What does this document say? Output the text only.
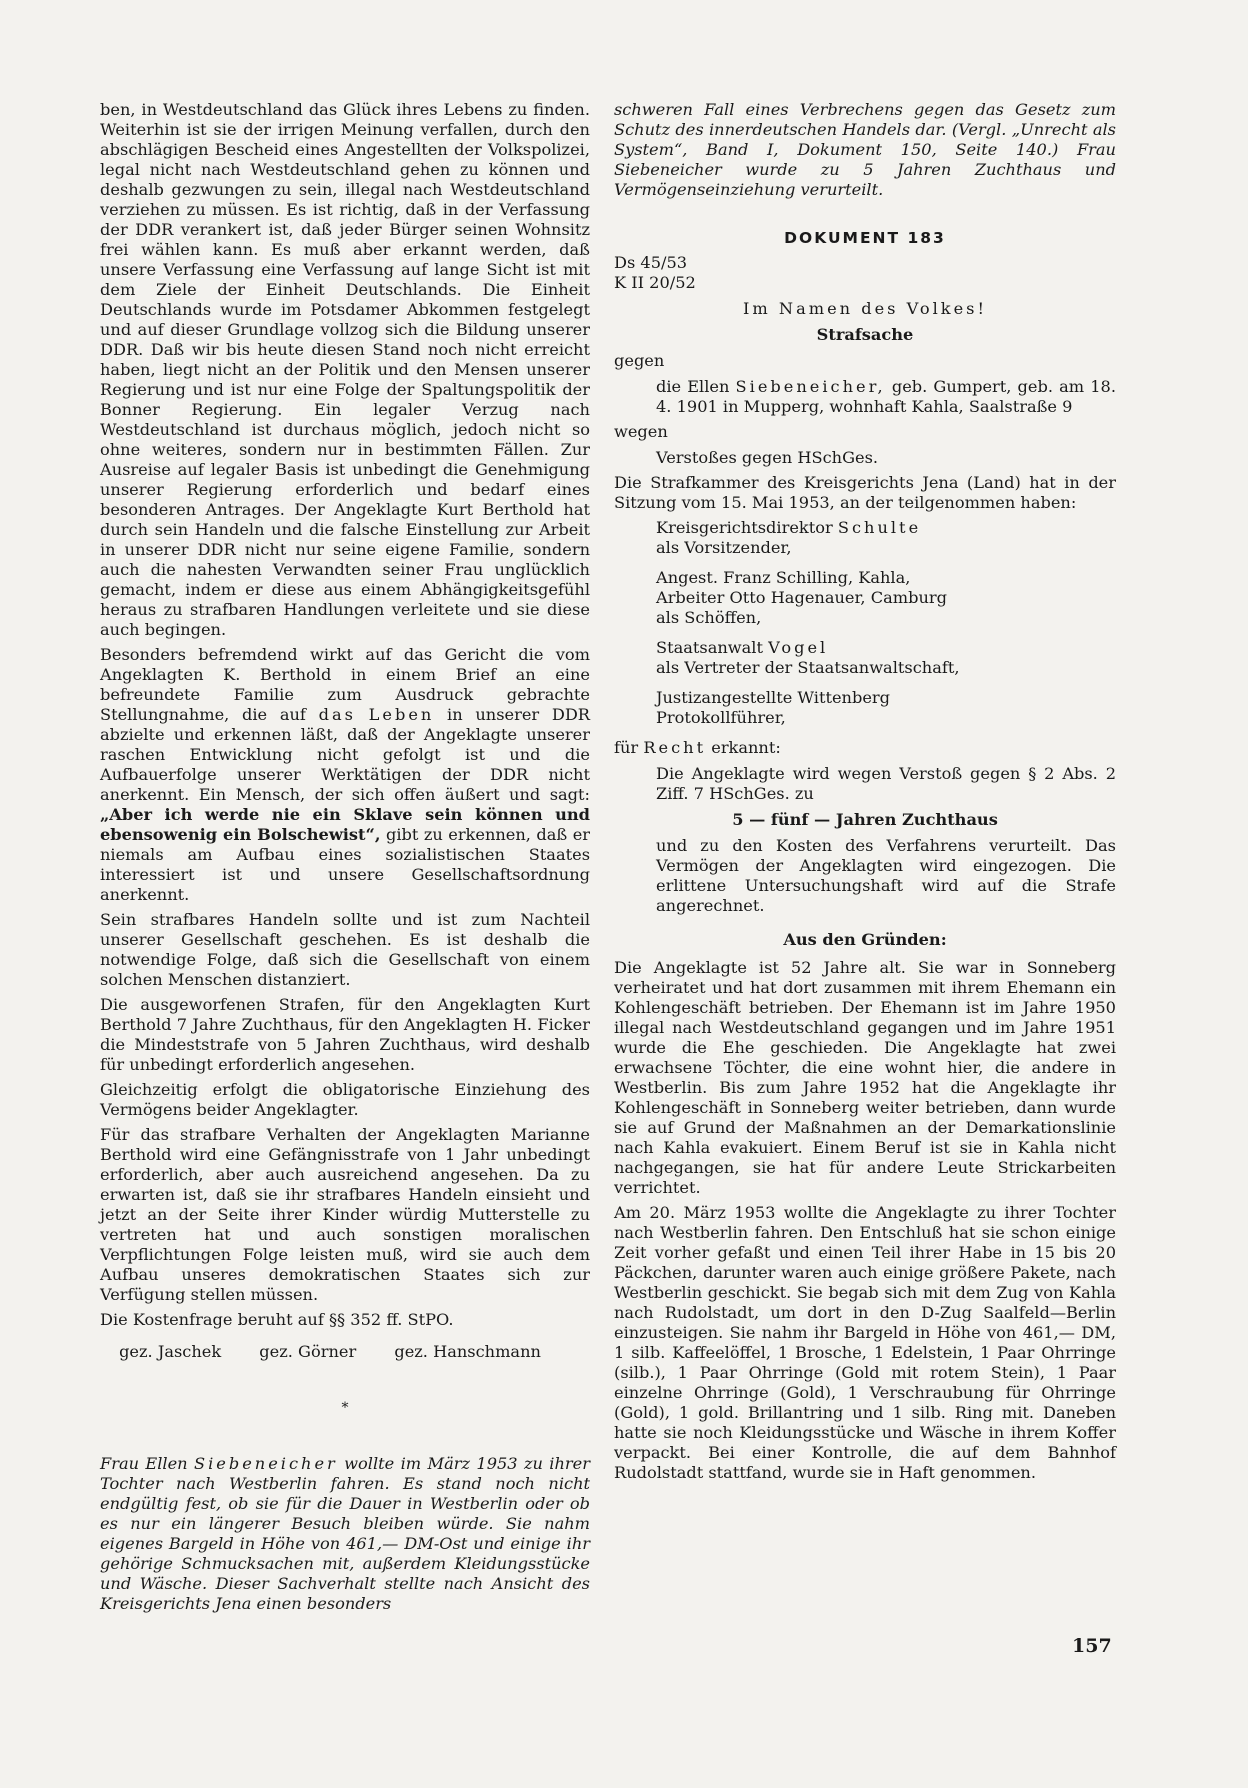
ben, in Westdeutschland das Glück ihres Lebens zu finden. Weiterhin ist sie der irrigen Meinung verfallen, durch den abschlägigen Bescheid eines Angestellten der Volkspolizei, legal nicht nach Westdeutschland gehen zu können und deshalb gezwungen zu sein, illegal nach Westdeutschland verziehen zu müssen. Es ist richtig, daß in der Verfassung der DDR verankert ist, daß jeder Bürger seinen Wohnsitz frei wählen kann. Es muß aber erkannt werden, daß unsere Verfassung eine Verfassung auf lange Sicht ist mit dem Ziele der Einheit Deutschlands. Die Einheit Deutschlands wurde im Potsdamer Abkommen festgelegt und auf dieser Grundlage vollzog sich die Bildung unserer DDR. Daß wir bis heute diesen Stand noch nicht erreicht haben, liegt nicht an der Politik und den Mensen unserer Regierung und ist nur eine Folge der Spaltungspolitik der Bonner Regierung. Ein legaler Verzug nach Westdeutschland ist durchaus möglich, jedoch nicht so ohne weiteres, sondern nur in bestimmten Fällen. Zur Ausreise auf legaler Basis ist unbedingt die Genehmigung unserer Regierung erforderlich und bedarf eines besonderen Antrages. Der Angeklagte Kurt Berthold hat durch sein Handeln und die falsche Einstellung zur Arbeit in unserer DDR nicht nur seine eigene Familie, sondern auch die nahesten Verwandten seiner Frau unglücklich gemacht, indem er diese aus einem Abhängigkeitsgefühl heraus zu strafbaren Handlungen verleitete und sie diese auch begingen.

Besonders befremdend wirkt auf das Gericht die vom Angeklagten K. Berthold in einem Brief an eine befreundete Familie zum Ausdruck gebrachte Stellungnahme, die auf das Leben in unserer DDR abzielte und erkennen läßt, daß der Angeklagte unserer raschen Entwicklung nicht gefolgt ist und die Aufbauerfolge unserer Werktätigen der DDR nicht anerkennt. Ein Mensch, der sich offen äußert und sagt: „Aber ich werde nie ein Sklave sein können und ebensowenig ein Bolschewist“, gibt zu erkennen, daß er niemals am Aufbau eines sozialistischen Staates interessiert ist und unsere Gesellschaftsordnung anerkennt.

Sein strafbares Handeln sollte und ist zum Nachteil unserer Gesellschaft geschehen. Es ist deshalb die notwendige Folge, daß sich die Gesellschaft von einem solchen Menschen distanziert.

Die ausgeworfenen Strafen, für den Angeklagten Kurt Berthold 7 Jahre Zuchthaus, für den Angeklagten H. Ficker die Mindeststrafe von 5 Jahren Zuchthaus, wird deshalb für unbedingt erforderlich angesehen.

Gleichzeitig erfolgt die obligatorische Einziehung des Vermögens beider Angeklagter.

Für das strafbare Verhalten der Angeklagten Marianne Berthold wird eine Gefängnisstrafe von 1 Jahr unbedingt erforderlich, aber auch ausreichend angesehen. Da zu erwarten ist, daß sie ihr strafbares Handeln einsieht und jetzt an der Seite ihrer Kinder würdig Mutterstelle zu vertreten hat und auch sonstigen moralischen Verpflichtungen Folge leisten muß, wird sie auch dem Aufbau unseres demokratischen Staates sich zur Verfügung stellen müssen.

Die Kostenfrage beruht auf §§ 352 ff. StPO.

gez. Jaschek gez. Görner gez. Hanschmann
*

Frau Ellen Siebeneicher wollte im März 1953 zu ihrer Tochter nach Westberlin fahren. Es stand noch nicht endgültig fest, ob sie für die Dauer in Westberlin oder ob es nur ein längerer Besuch bleiben würde. Sie nahm eigenes Bargeld in Höhe von 461,— DM-Ost und einige ihr gehörige Schmucksachen mit, außerdem Kleidungsstücke und Wäsche. Dieser Sachverhalt stellte nach Ansicht des Kreisgerichts Jena einen besonders

schweren Fall eines Verbrechens gegen das Gesetz zum Schutz des innerdeutschen Handels dar. (Vergl. „Unrecht als System“, Band I, Dokument 150, Seite 140.) Frau Siebeneicher wurde zu 5 Jahren Zuchthaus und Vermögenseinziehung verurteilt.

DOKUMENT 183
Ds 45/53
K II 20/52
Im Namen des Volkes!
Strafsache
gegen

die Ellen Siebeneicher, geb. Gumpert, geb. am 18. 4. 1901 in Mupperg, wohnhaft Kahla, Saalstraße 9

wegen

Verstoßes gegen HSchGes.

Die Strafkammer des Kreisgerichts Jena (Land) hat in der Sitzung vom 15. Mai 1953, an der teilgenommen haben:

Kreisgerichtsdirektor Schulte
als Vorsitzender,
Angest. Franz Schilling, Kahla,
Arbeiter Otto Hagenauer, Camburg
als Schöffen,
Staatsanwalt Vogel
als Vertreter der Staatsanwaltschaft,
Justizangestellte Wittenberg
Protokollführer,
für Recht erkannt:

Die Angeklagte wird wegen Verstoß gegen § 2 Abs. 2 Ziff. 7 HSchGes. zu

5 — fünf — Jahren Zuchthaus

und zu den Kosten des Verfahrens verurteilt. Das Vermögen der Angeklagten wird eingezogen. Die erlittene Untersuchungshaft wird auf die Strafe angerechnet.

Aus den Gründen:

Die Angeklagte ist 52 Jahre alt. Sie war in Sonneberg verheiratet und hat dort zusammen mit ihrem Ehemann ein Kohlengeschäft betrieben. Der Ehemann ist im Jahre 1950 illegal nach Westdeutschland gegangen und im Jahre 1951 wurde die Ehe geschieden. Die Angeklagte hat zwei erwachsene Töchter, die eine wohnt hier, die andere in Westberlin. Bis zum Jahre 1952 hat die Angeklagte ihr Kohlengeschäft in Sonneberg weiter betrieben, dann wurde sie auf Grund der Maßnahmen an der Demarkationslinie nach Kahla evakuiert. Einem Beruf ist sie in Kahla nicht nachgegangen, sie hat für andere Leute Strickarbeiten verrichtet.

Am 20. März 1953 wollte die Angeklagte zu ihrer Tochter nach Westberlin fahren. Den Entschluß hat sie schon einige Zeit vorher gefaßt und einen Teil ihrer Habe in 15 bis 20 Päckchen, darunter waren auch einige größere Pakete, nach Westberlin geschickt. Sie begab sich mit dem Zug von Kahla nach Rudolstadt, um dort in den D-Zug Saalfeld—Berlin einzusteigen. Sie nahm ihr Bargeld in Höhe von 461,— DM, 1 silb. Kaffeelöffel, 1 Brosche, 1 Edelstein, 1 Paar Ohrringe (silb.), 1 Paar Ohrringe (Gold mit rotem Stein), 1 Paar einzelne Ohrringe (Gold), 1 Verschraubung für Ohrringe (Gold), 1 gold. Brillantring und 1 silb. Ring mit. Daneben hatte sie noch Kleidungsstücke und Wäsche in ihrem Koffer verpackt. Bei einer Kontrolle, die auf dem Bahnhof Rudolstadt stattfand, wurde sie in Haft genommen.

157
